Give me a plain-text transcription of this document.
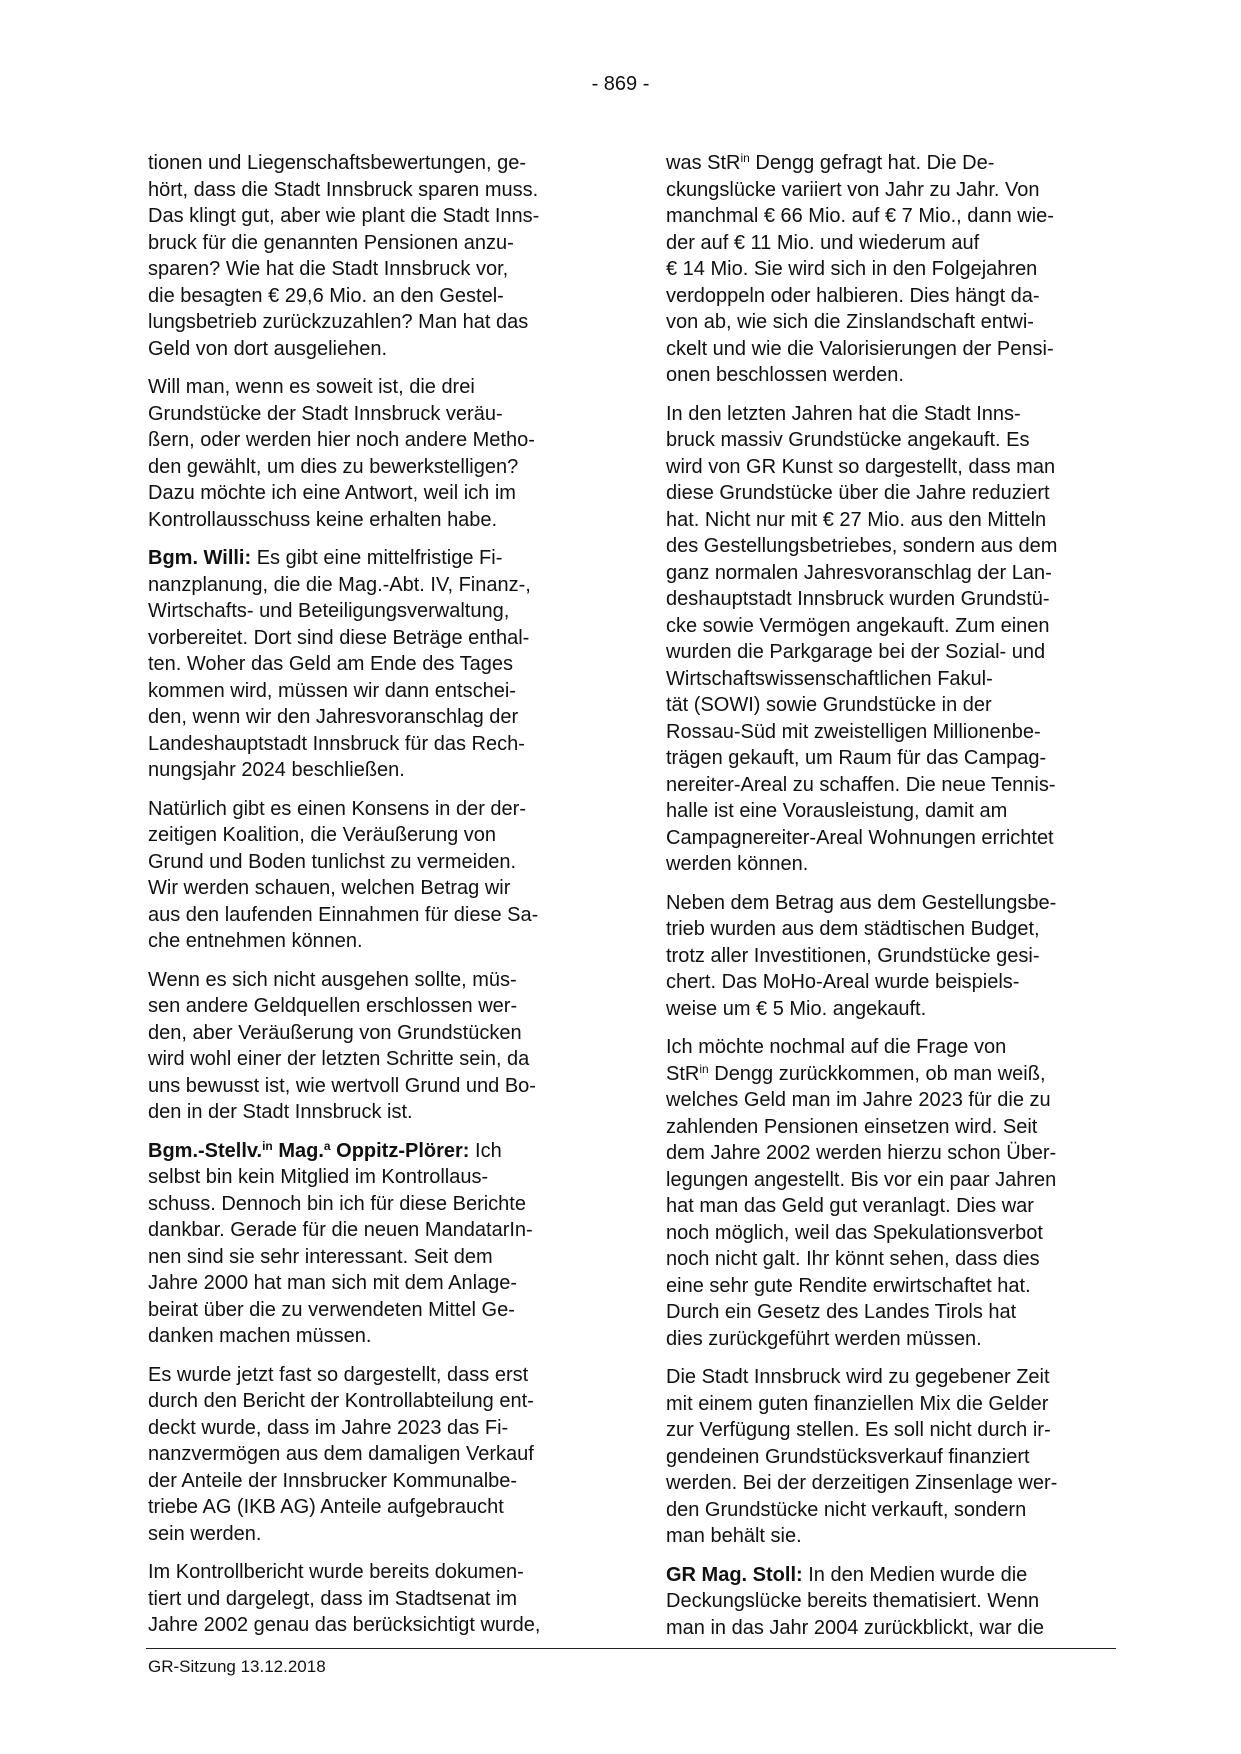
- 869 -

tionen und Liegenschaftsbewertungen, ge-
hört, dass die Stadt Innsbruck sparen muss.
Das klingt gut, aber wie plant die Stadt Inns-
bruck für die genannten Pensionen anzu-
sparen? Wie hat die Stadt Innsbruck vor,
die besagten € 29,6 Mio. an den Gestel-
lungsbetrieb zurückzuzahlen? Man hat das
Geld von dort ausgeliehen.

Will man, wenn es soweit ist, die drei
Grundstücke der Stadt Innsbruck veräu-
ßern, oder werden hier noch andere Metho-
den gewählt, um dies zu bewerkstelligen?
Dazu möchte ich eine Antwort, weil ich im
Kontrollausschuss keine erhalten habe.

Bgm. Willi: Es gibt eine mittelfristige Fi-
nanzplanung, die die Mag.-Abt. IV, Finanz-,
Wirtschafts- und Beteiligungsverwaltung,
vorbereitet. Dort sind diese Beträge enthal-
ten. Woher das Geld am Ende des Tages
kommen wird, müssen wir dann entschei-
den, wenn wir den Jahresvoranschlag der
Landeshauptstadt Innsbruck für das Rech-
nungsjahr 2024 beschließen.

Natürlich gibt es einen Konsens in der der-
zeitigen Koalition, die Veräußerung von
Grund und Boden tunlichst zu vermeiden.
Wir werden schauen, welchen Betrag wir
aus den laufenden Einnahmen für diese Sa-
che entnehmen können.

Wenn es sich nicht ausgehen sollte, müs-
sen andere Geldquellen erschlossen wer-
den, aber Veräußerung von Grundstücken
wird wohl einer der letzten Schritte sein, da
uns bewusst ist, wie wertvoll Grund und Bo-
den in der Stadt Innsbruck ist.

Bgm.-Stellv.$^{in}$ Mag.$^a$ Oppitz-Plörer: Ich
selbst bin kein Mitglied im Kontrollaus-
schuss. Dennoch bin ich für diese Berichte
dankbar. Gerade für die neuen MandatarIn-
nen sind sie sehr interessant. Seit dem
Jahre 2000 hat man sich mit dem Anlage-
beirat über die zu verwendeten Mittel Ge-
danken machen müssen.

Es wurde jetzt fast so dargestellt, dass erst
durch den Bericht der Kontrollabteilung ent-
deckt wurde, dass im Jahre 2023 das Fi-
nanzvermögen aus dem damaligen Verkauf
der Anteile der Innsbrucker Kommunalbe-
triebe AG (IKB AG) Anteile aufgebraucht
sein werden.

Im Kontrollbericht wurde bereits dokumen-
tiert und dargelegt, dass im Stadtsenat im
Jahre 2002 genau das berücksichtigt wurde,

was StR$^{in}$ Dengg gefragt hat. Die De-
ckungslücke variiert von Jahr zu Jahr. Von
manchmal € 66 Mio. auf € 7 Mio., dann wie-
der auf € 11 Mio. und wiederum auf
€ 14 Mio. Sie wird sich in den Folgejahren
verdoppeln oder halbieren. Dies hängt da-
von ab, wie sich die Zinslandschaft entwi-
ckelt und wie die Valorisierungen der Pensi-
onen beschlossen werden.

In den letzten Jahren hat die Stadt Inns-
bruck massiv Grundstücke angekauft. Es
wird von GR Kunst so dargestellt, dass man
diese Grundstücke über die Jahre reduziert
hat. Nicht nur mit € 27 Mio. aus den Mitteln
des Gestellungsbetriebes, sondern aus dem
ganz normalen Jahresvoranschlag der Lan-
deshauptstadt Innsbruck wurden Grundstü-
cke sowie Vermögen angekauft. Zum einen
wurden die Parkgarage bei der Sozial- und
Wirtschaftswissenschaftlichen Fakul-
tät (SOWI) sowie Grundstücke in der
Rossau-Süd mit zweistelligen Millionenbe-
trägen gekauft, um Raum für das Campag-
nereiter-Areal zu schaffen. Die neue Tennis-
halle ist eine Vorausleistung, damit am
Campagnereiter-Areal Wohnungen errichtet
werden können.

Neben dem Betrag aus dem Gestellungsbe-
trieb wurden aus dem städtischen Budget,
trotz aller Investitionen, Grundstücke gesi-
chert. Das MoHo-Areal wurde beispiels-
weise um € 5 Mio. angekauft.

Ich möchte nochmal auf die Frage von
StR$^{in}$ Dengg zurückkommen, ob man weiß,
welches Geld man im Jahre 2023 für die zu
zahlenden Pensionen einsetzen wird. Seit
dem Jahre 2002 werden hierzu schon Über-
legungen angestellt. Bis vor ein paar Jahren
hat man das Geld gut veranlagt. Dies war
noch möglich, weil das Spekulationsverbot
noch nicht galt. Ihr könnt sehen, dass dies
eine sehr gute Rendite erwirtschaftet hat.
Durch ein Gesetz des Landes Tirols hat
dies zurückgeführt werden müssen.

Die Stadt Innsbruck wird zu gegebener Zeit
mit einem guten finanziellen Mix die Gelder
zur Verfügung stellen. Es soll nicht durch ir-
gendeinen Grundstücksverkauf finanziert
werden. Bei der derzeitigen Zinsenlage wer-
den Grundstücke nicht verkauft, sondern
man behält sie.

GR Mag. Stoll: In den Medien wurde die
Deckungslücke bereits thematisiert. Wenn
man in das Jahr 2004 zurückblickt, war die

GR-Sitzung 13.12.2018
